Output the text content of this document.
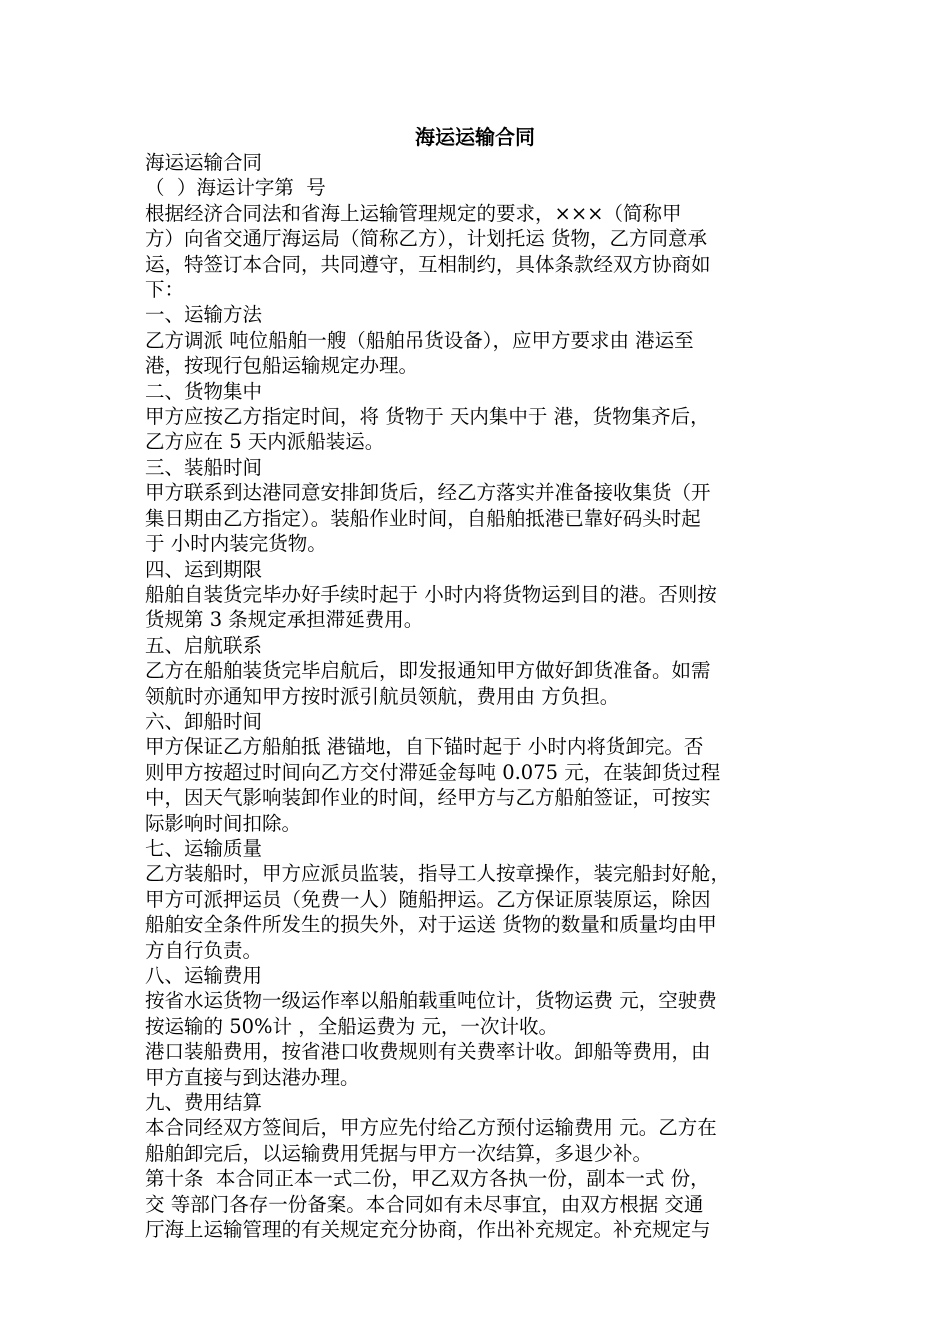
海运运输合同

海运运输合同

（  ）海运计字第  号

根据经济合同法和省海上运输管理规定的要求，×××（简称甲

方）向省交通厅海运局（简称乙方），计划托运 货物，乙方同意承

运，特签订本合同，共同遵守，互相制约，具体条款经双方协商如

下：

一、运输方法

乙方调派 吨位船舶一艘（船舶吊货设备），应甲方要求由 港运至

港，按现行包船运输规定办理。

二、货物集中

甲方应按乙方指定时间，将 货物于 天内集中于 港，货物集齐后，

乙方应在 5 天内派船装运。

三、装船时间

甲方联系到达港同意安排卸货后，经乙方落实并准备接收集货（开

集日期由乙方指定）。装船作业时间，自船舶抵港已靠好码头时起

于 小时内装完货物。

四、运到期限

船舶自装货完毕办好手续时起于 小时内将货物运到目的港。否则按

货规第 3 条规定承担滞延费用。

五、启航联系

乙方在船舶装货完毕启航后，即发报通知甲方做好卸货准备。如需

领航时亦通知甲方按时派引航员领航，费用由 方负担。

六、卸船时间

甲方保证乙方船舶抵 港锚地，自下锚时起于 小时内将货卸完。否

则甲方按超过时间向乙方交付滞延金每吨 0.075 元，在装卸货过程

中，因天气影响装卸作业的时间，经甲方与乙方船舶签证，可按实

际影响时间扣除。

七、运输质量

乙方装船时，甲方应派员监装，指导工人按章操作，装完船封好舱，

甲方可派押运员（免费一人）随船押运。乙方保证原装原运，除因

船舶安全条件所发生的损失外，对于运送 货物的数量和质量均由甲

方自行负责。

八、运输费用

按省水运货物一级运作率以船舶载重吨位计，货物运费 元，空驶费

按运输的 50%计 ，全船运费为 元，一次计收。

港口装船费用，按省港口收费规则有关费率计收。卸船等费用，由

甲方直接与到达港办理。

九、费用结算

本合同经双方签间后，甲方应先付给乙方预付运输费用 元。乙方在

船舶卸完后，以运输费用凭据与甲方一次结算，多退少补。

第十条  本合同正本一式二份，甲乙双方各执一份，副本一式 份，

交 等部门各存一份备案。本合同如有未尽事宜，由双方根据 交通

厅海上运输管理的有关规定充分协商，作出补充规定。补充规定与
